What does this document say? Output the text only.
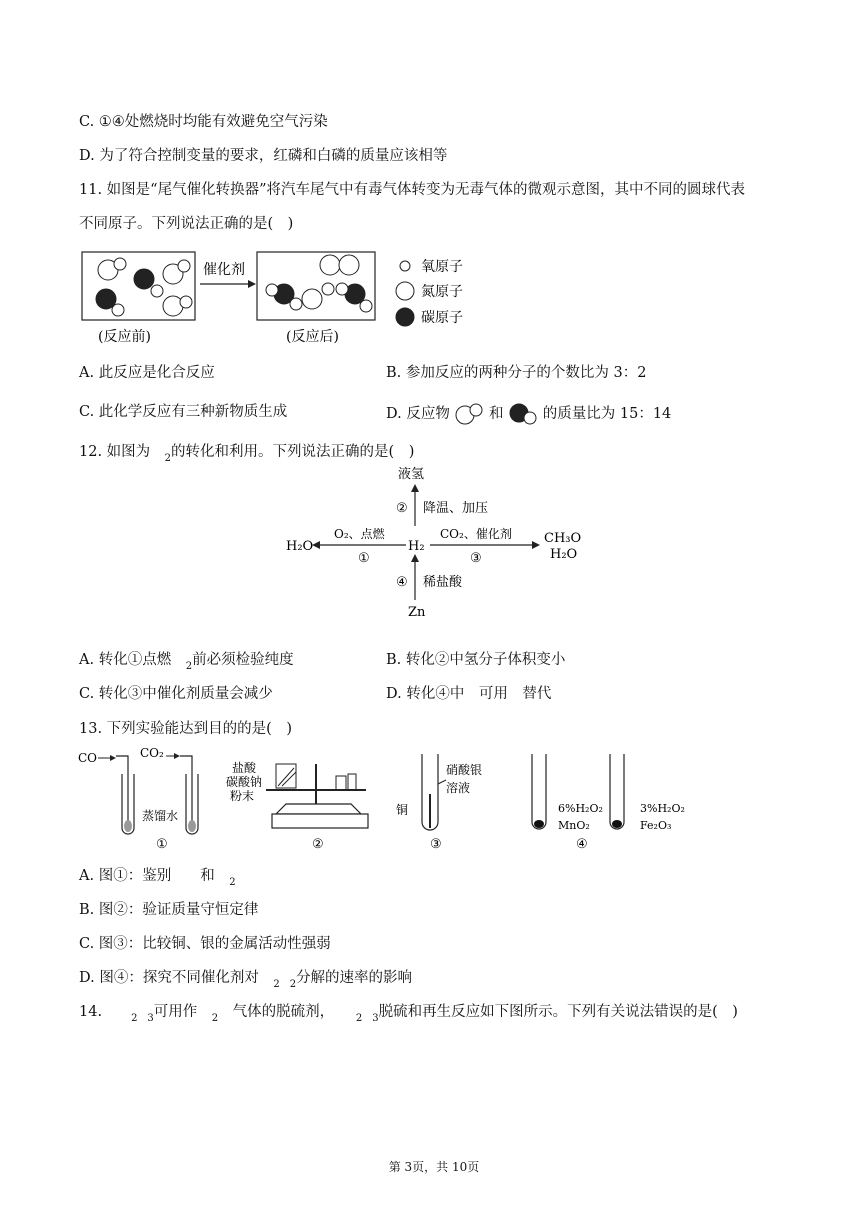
C. ①④处燃烧时均能有效避免空气污染
D. 为了符合控制变量的要求，红磷和白磷的质量应该相等
11. 如图是“尾气催化转换器”将汽车尾气中有毒气体转变为无毒气体的微观示意图，其中不同的圆球代表
不同原子。下列说法正确的是(　)
催化剂
(反应前)	(反应后)
氧原子
氮原子
碳原子
A. 此反应是化合反应	B. 参加反应的两种分子的个数比为 3：2
C. 此化学反应有三种新物质生成	D. 反应物	和	的质量比为 15：14
12. 如图为　 $_2$的转化和利用。下列说法正确的是(　)
液氢
② 降温、加压
O₂、点燃
①
H₂O	H₂
CO₂、催化剂
③
CH₃O
H₂O
④ 稀盐酸
Zn
A. 转化①点燃　 $_2$前必须检验纯度	B. 转化②中氢分子体积变小
C. 转化③中催化剂质量会减少	D. 转化④中　可用　替代
13. 下列实验能达到目的的是(　)
CO	CO₂
蒸馏水
①
盐酸
碳酸钠
粉末
②
硝酸银
溶液
铜
③
6%H₂O₂
MnO₂
3%H₂O₂
Fe₂O₃
④
A. 图①：鉴别　　和　 $_2$
B. 图②：验证质量守恒定律
C. 图③：比较铜、银的金属活动性强弱
D. 图④：探究不同催化剂对　 $_{2 2}$分解的速率的影响
14.　　	$_{2 3}$可用作　 $_2$　 气体的脱硫剂，　　	$_{2 3}$脱硫和再生反应如下图所示。下列有关说法错误的是(　)
第 3页，共 10页
